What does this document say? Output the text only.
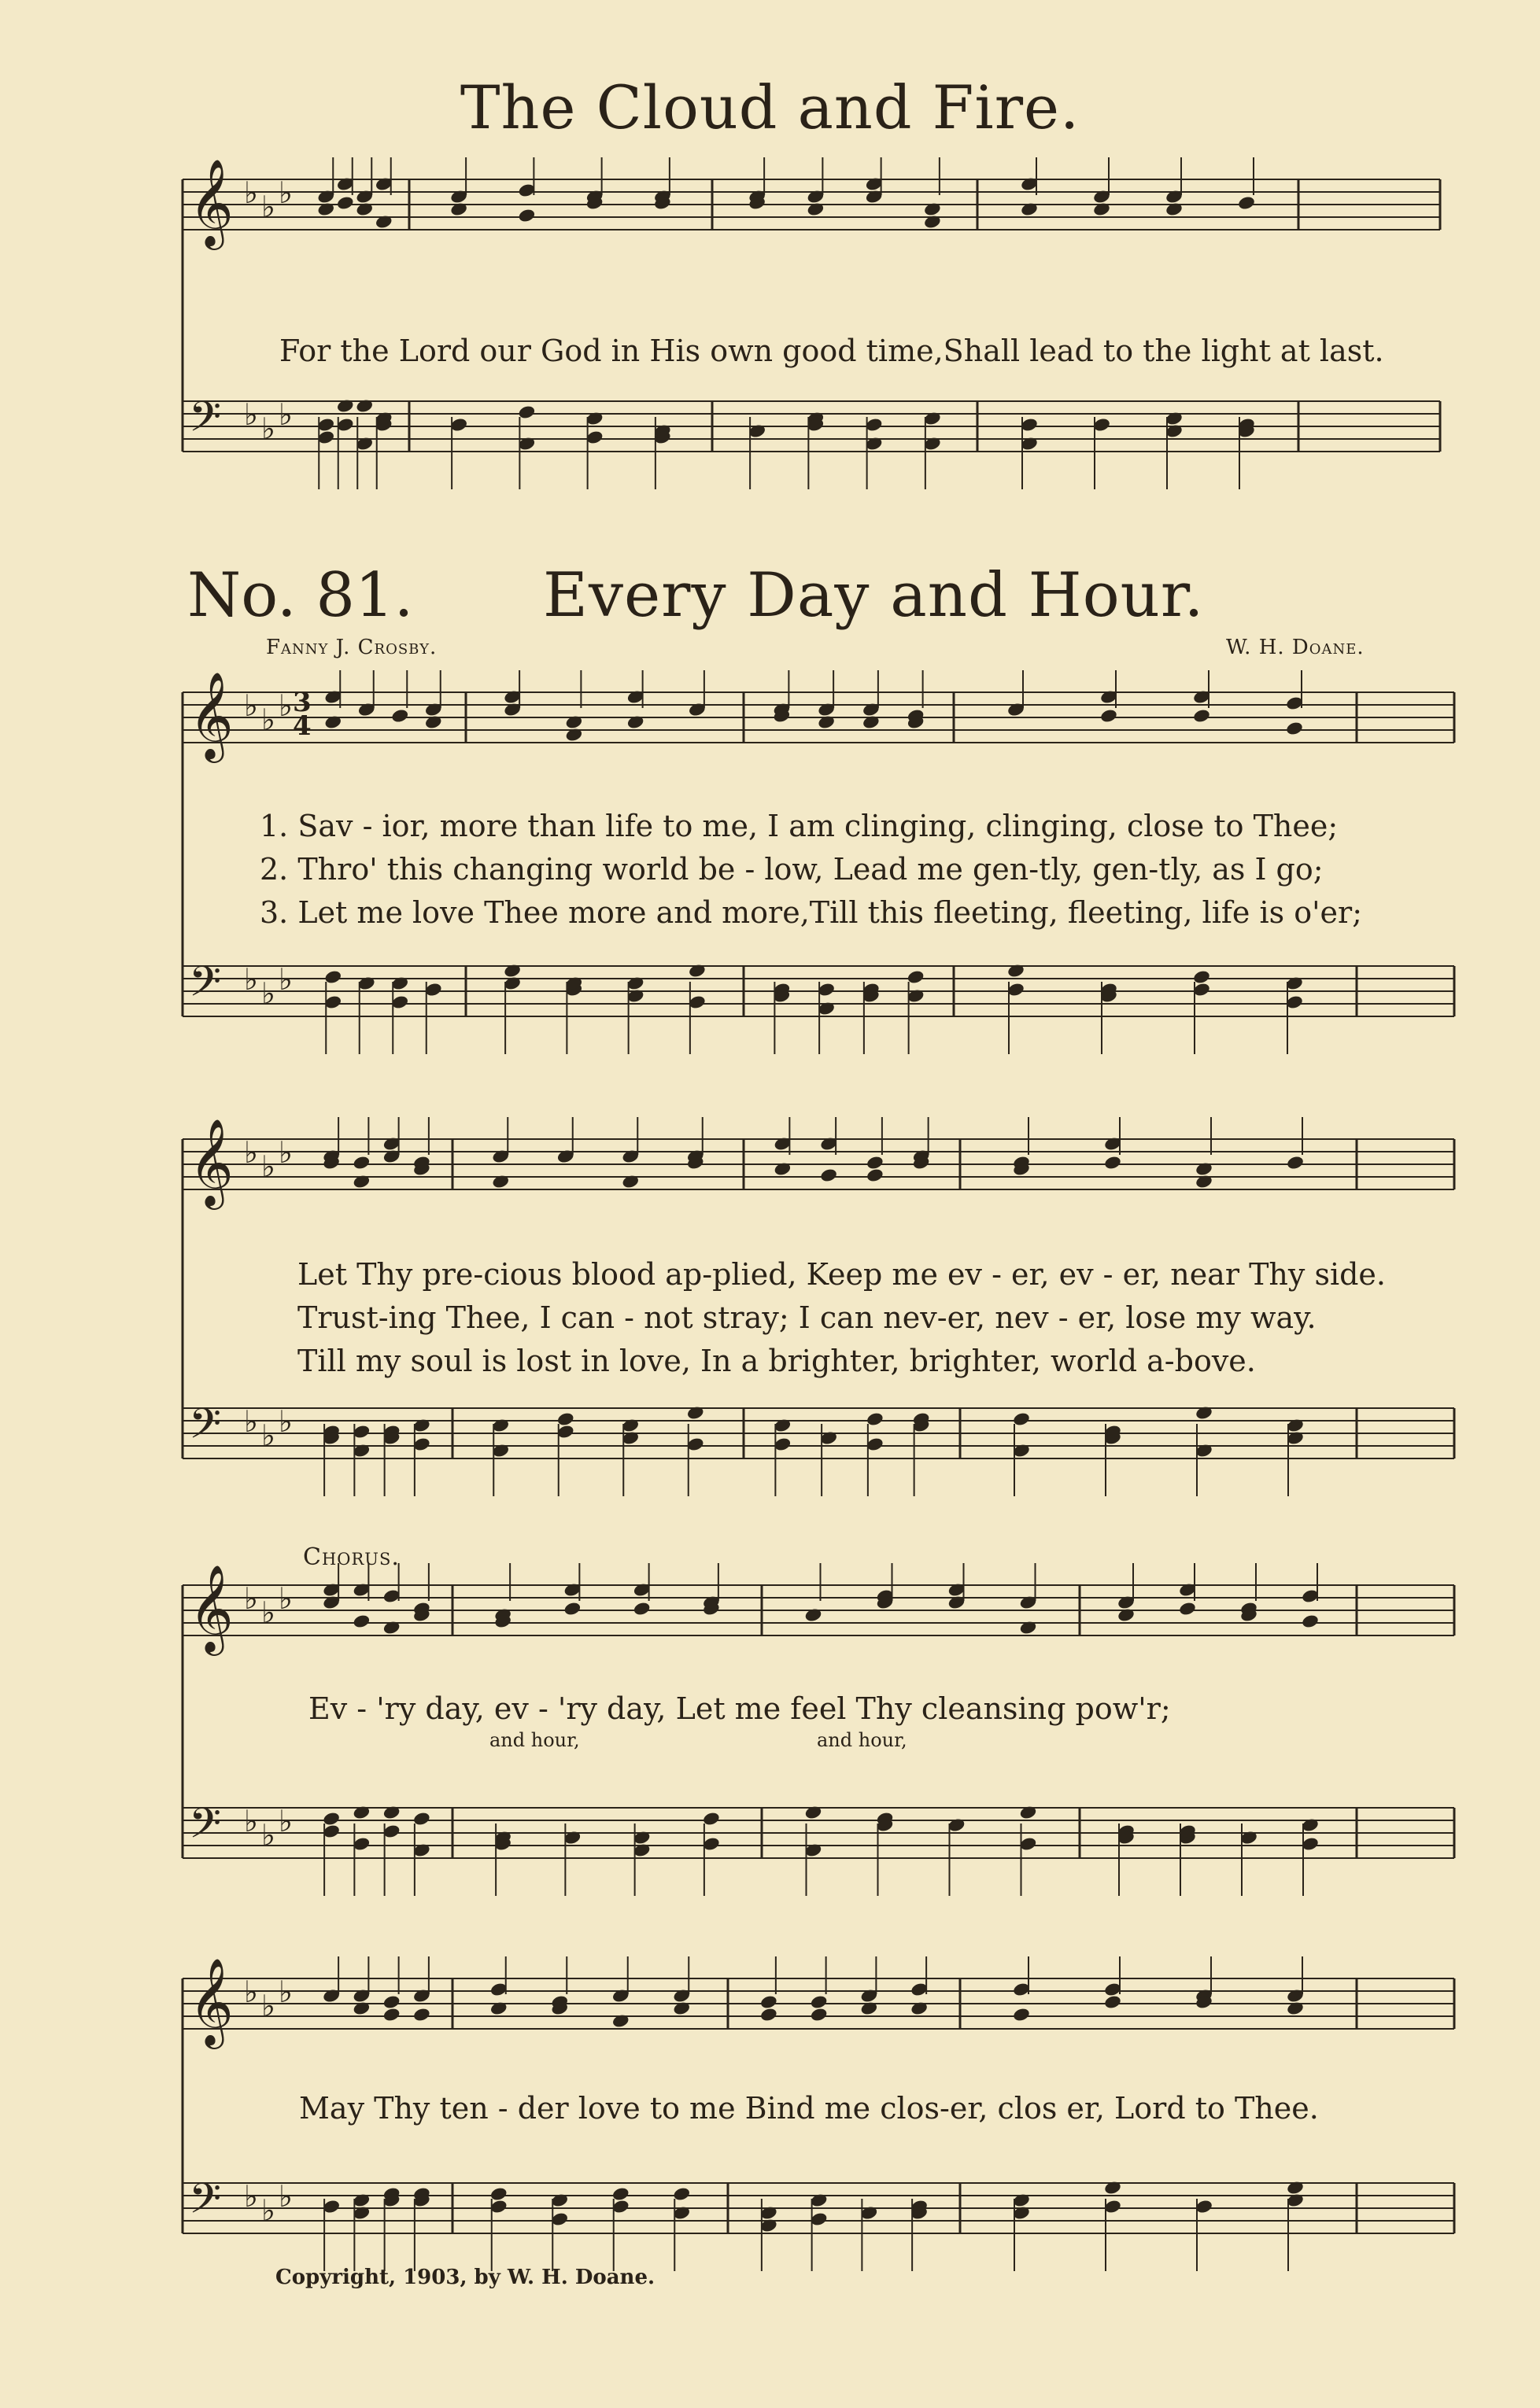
𝄞 ♭ ♭ ♭
𝄢 ♭ ♭ ♭
𝄞 ♭ ♭ ♭
𝄢 ♭ ♭ ♭
𝄞 ♭ ♭ ♭
𝄢 ♭ ♭ ♭
𝄞 ♭ ♭ ♭
𝄢 ♭ ♭ ♭
𝄞 ♭ ♭ ♭
𝄢 ♭ ♭ ♭
The Cloud and Fire.
For the Lord our God in His own good time,Shall lead to the light at last.
No. 81. Every Day and Hour.
Fanny J. Crosby.	W. H. Doane.
3
4
1. Sav - ior, more than life to me, I am clinging, clinging, close to Thee;
2. Thro' this changing world be - low, Lead me gen-tly, gen-tly, as I go;
3. Let me love Thee more and more,Till this fleeting, fleeting, life is o'er;
Let Thy pre-cious blood ap-plied, Keep me ev - er, ev - er, near Thy side.
Trust-ing Thee, I can - not stray; I can nev-er, nev - er, lose my way.
Till my soul is lost in love, In a brighter, brighter, world a-bove.
Chorus.
Ev - 'ry day, ev - 'ry day, Let me feel Thy cleansing pow'r;
and hour,	and hour,
May Thy ten - der love to me Bind me clos-er, clos er, Lord to Thee.
Copyright, 1903, by W. H. Doane.
